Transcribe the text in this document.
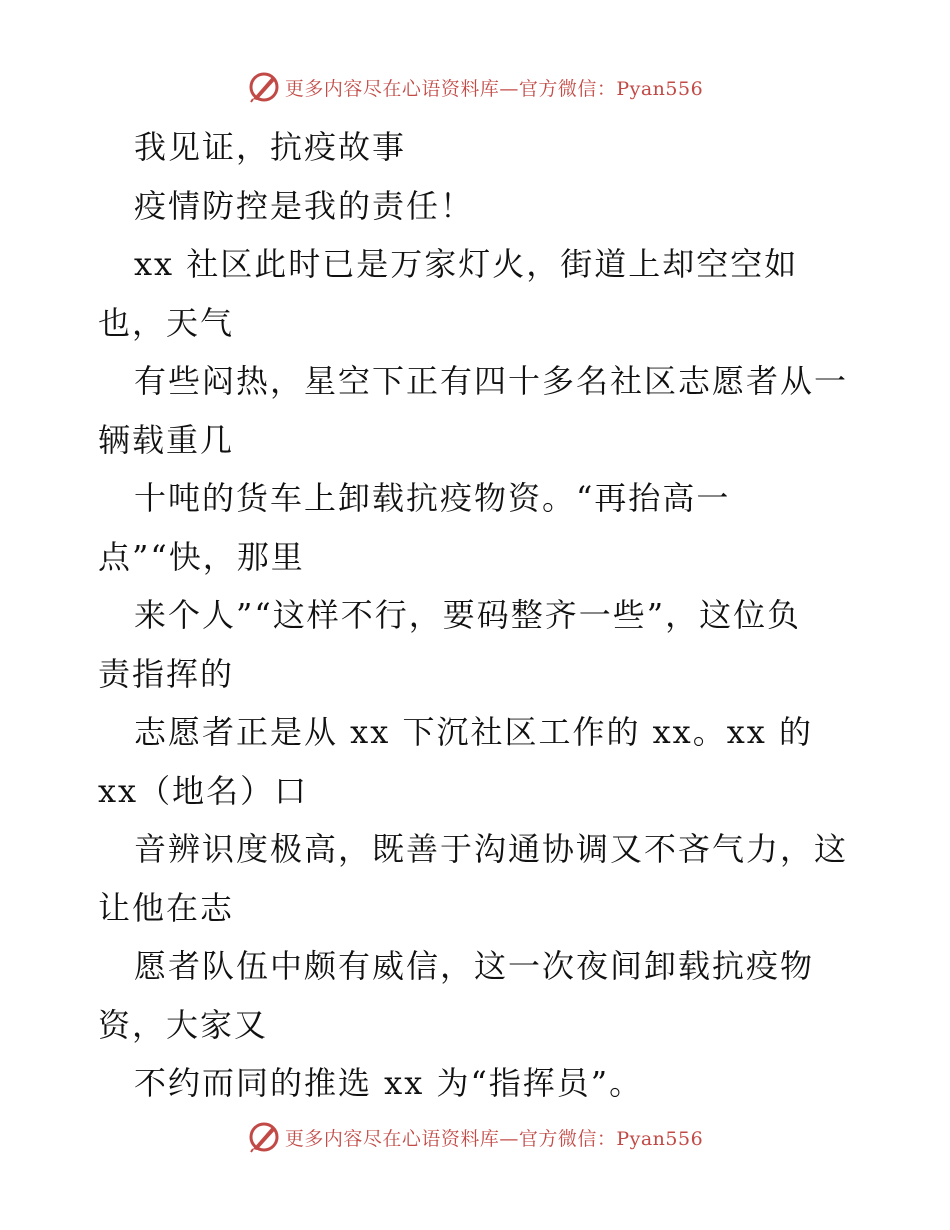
更多内容尽在心语资料库—官方微信：Pyan556
我见证，抗疫故事
疫情防控是我的责任！
xx 社区此时已是万家灯火，街道上却空空如
也，天气
有些闷热，星空下正有四十多名社区志愿者从一
辆载重几
十吨的货车上卸载抗疫物资。“再抬高一
点”“快，那里
来个人”“这样不行，要码整齐一些”，这位负
责指挥的
志愿者正是从 xx 下沉社区工作的 xx。xx 的
xx（地名）口
音辨识度极高，既善于沟通协调又不吝气力，这
让他在志
愿者队伍中颇有威信，这一次夜间卸载抗疫物
资，大家又
不约而同的推选 xx 为“指挥员”。
更多内容尽在心语资料库—官方微信：Pyan556
